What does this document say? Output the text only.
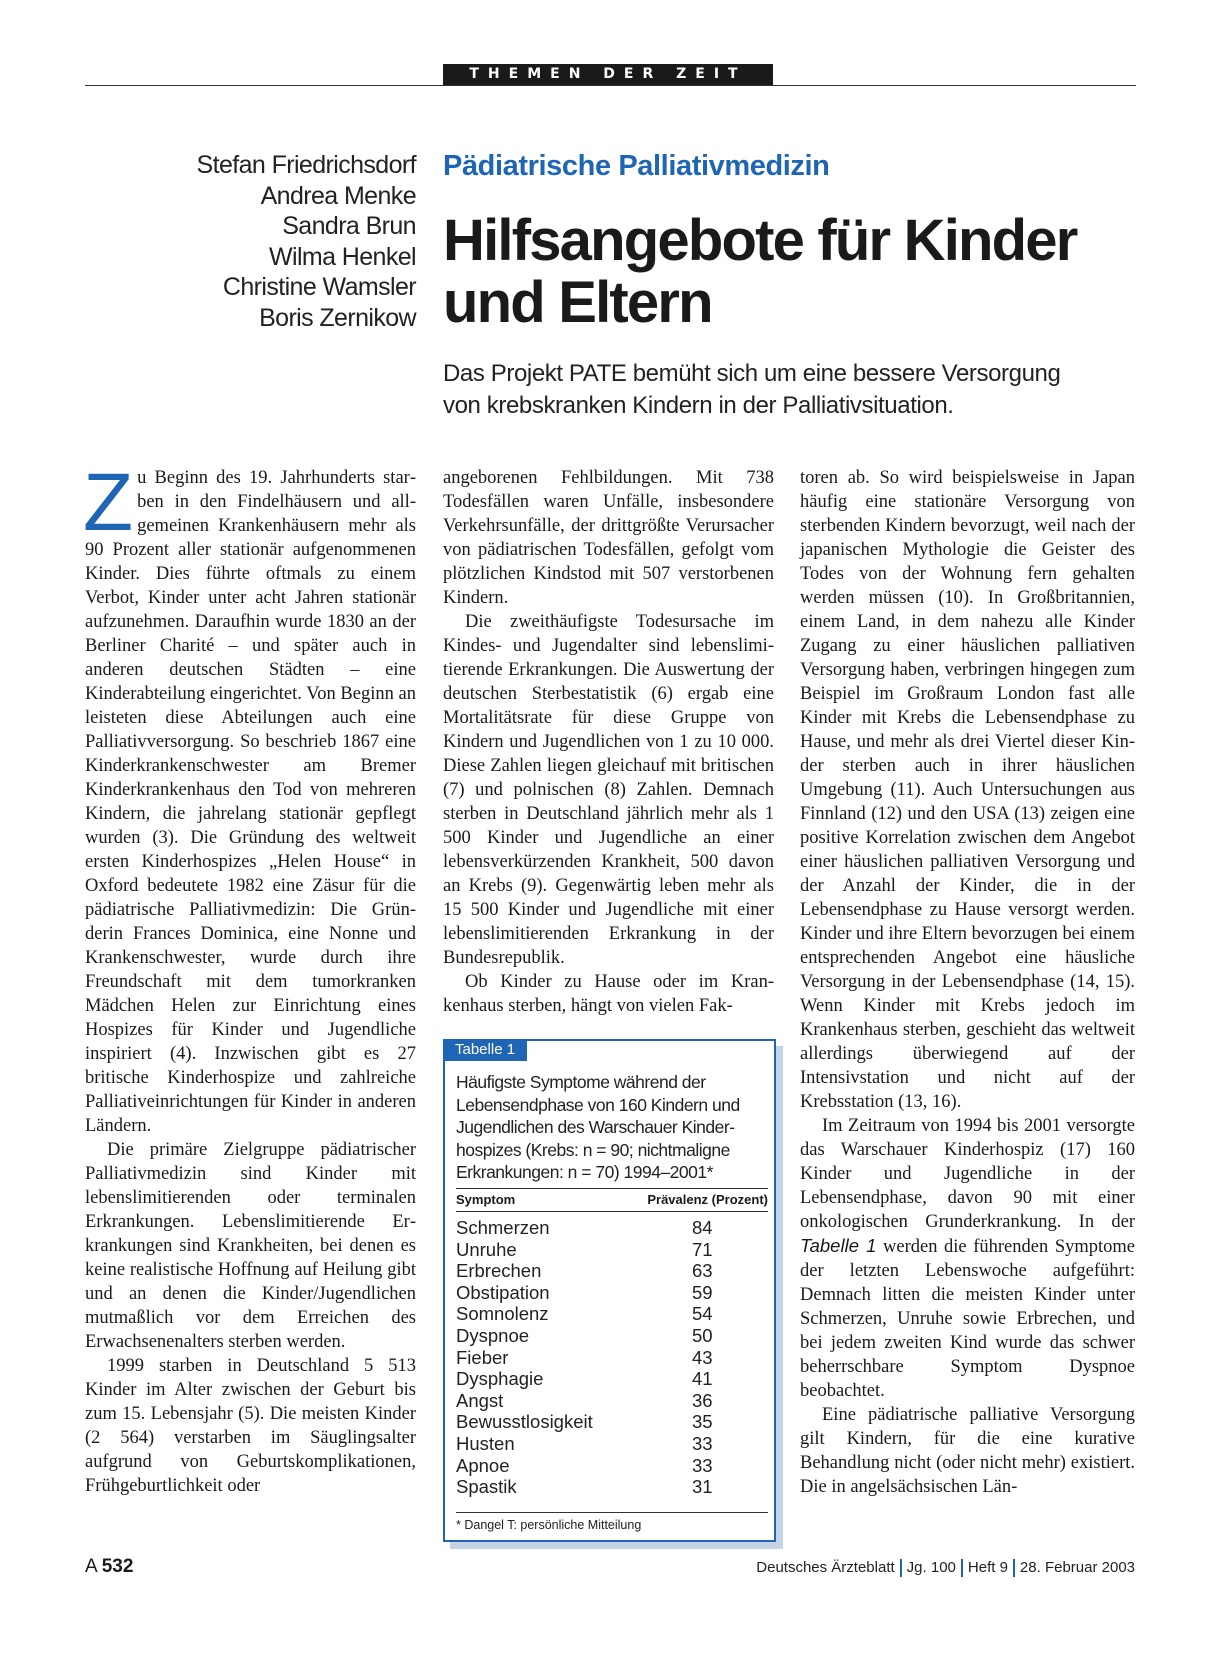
THEMEN DER ZEIT
Stefan Friedrichsdorf
Andrea Menke
Sandra Brun
Wilma Henkel
Christine Wamsler
Boris Zernikow
Pädiatrische Palliativmedizin
Hilfsangebote für Kinder
und Eltern
Das Projekt PATE bemüht sich um eine bessere Versorgung
von krebskranken Kindern in der Palliativsituation.

Zu Beginn des 19. Jahrhunderts starben in den Findelhäusern und allgemeinen Krankenhäusern mehr als 90 Prozent aller stationär aufgenommenen Kinder. Dies führte oftmals zu einem Verbot, Kinder unter acht Jahren stationär aufzunehmen. Daraufhin wurde 1830 an der Berliner Charité – und später auch in anderen deutschen Städten – eine Kinderabteilung eingerichtet. Von Beginn an leisteten diese Abteilungen auch eine Palliativversorgung. So beschrieb 1867 eine Kinderkrankenschwester am Bremer Kinderkrankenhaus den Tod von mehreren Kindern, die jahrelang stationär gepflegt wurden (3). Die Gründung des weltweit ersten Kinderhospizes „Helen House“ in Oxford bedeutete 1982 eine Zäsur für die pädiatrische Palliativmedizin: Die Gründerin Frances Dominica, eine Nonne und Krankenschwester, wurde durch ihre Freundschaft mit dem tumorkranken Mädchen Helen zur Einrichtung eines Hospizes für Kinder und Jugendliche inspiriert (4). Inzwischen gibt es 27 britische Kinderhospize und zahlreiche Palliativeinrichtungen für Kinder in anderen Ländern.

Die primäre Zielgruppe pädiatrischer Palliativmedizin sind Kinder mit lebenslimitierenden oder terminalen Erkrankungen. Lebenslimitierende Erkrankungen sind Krankheiten, bei denen es keine realistische Hoffnung auf Heilung gibt und an denen die Kinder/Jugendlichen mutmaßlich vor dem Erreichen des Erwachsenenalters sterben werden.

1999 starben in Deutschland 5 513 Kinder im Alter zwischen der Geburt bis zum 15. Lebensjahr (5). Die meisten Kinder (2 564) verstarben im Säuglingsalter aufgrund von Geburtskomplikationen, Frühgeburtlichkeit oder

angeborenen Fehlbildungen. Mit 738 Todesfällen waren Unfälle, insbesondere Verkehrsunfälle, der drittgrößte Verursacher von pädiatrischen Todesfällen, gefolgt vom plötzlichen Kindstod mit 507 verstorbenen Kindern.

Die zweithäufigste Todesursache im Kindes- und Jugendalter sind lebenslimitierende Erkrankungen. Die Auswertung der deutschen Sterbestatistik (6) ergab eine Mortalitätsrate für diese Gruppe von Kindern und Jugendlichen von 1 zu 10 000. Diese Zahlen liegen gleichauf mit britischen (7) und polnischen (8) Zahlen. Demnach sterben in Deutschland jährlich mehr als 1 500 Kinder und Jugendliche an einer lebensverkürzenden Krankheit, 500 davon an Krebs (9). Gegenwärtig leben mehr als 15 500 Kinder und Jugendliche mit einer lebenslimitierenden Erkrankung in der Bundesrepublik.

Ob Kinder zu Hause oder im Krankenhaus sterben, hängt von vielen Fak-

toren ab. So wird beispielsweise in Japan häufig eine stationäre Versorgung von sterbenden Kindern bevorzugt, weil nach der japanischen Mythologie die Geister des Todes von der Wohnung fern gehalten werden müssen (10). In Großbritannien, einem Land, in dem nahezu alle Kinder Zugang zu einer häuslichen palliativen Versorgung haben, verbringen hingegen zum Beispiel im Großraum London fast alle Kinder mit Krebs die Lebensendphase zu Hause, und mehr als drei Viertel dieser Kinder sterben auch in ihrer häuslichen Umgebung (11). Auch Untersuchungen aus Finnland (12) und den USA (13) zeigen eine positive Korrelation zwischen dem Angebot einer häuslichen palliativen Versorgung und der Anzahl der Kinder, die in der Lebensendphase zu Hause versorgt werden. Kinder und ihre Eltern bevorzugen bei einem entsprechenden Angebot eine häusliche Versorgung in der Lebensendphase (14, 15). Wenn Kinder mit Krebs jedoch im Krankenhaus sterben, geschieht das weltweit allerdings überwiegend auf der Intensivstation und nicht auf der Krebsstation (13, 16).

Im Zeitraum von 1994 bis 2001 versorgte das Warschauer Kinderhospiz (17) 160 Kinder und Jugendliche in der Lebensendphase, davon 90 mit einer onkologischen Grunderkrankung. In der Tabelle 1 werden die führenden Symptome der letzten Lebenswoche aufgeführt: Demnach litten die meisten Kinder unter Schmerzen, Unruhe sowie Erbrechen, und bei jedem zweiten Kind wurde das schwer beherrschbare Symptom Dyspnoe beobachtet.

Eine pädiatrische palliative Versorgung gilt Kindern, für die eine kurative Behandlung nicht (oder nicht mehr) existiert. Die in angelsächsischen Län-

Tabelle 1
Häufigste Symptome während der
Lebensendphase von 160 Kindern und
Jugendlichen des Warschauer Kinder-
hospizes (Krebs: n = 90; nichtmaligne
Erkrankungen: n = 70) 1994–2001*
Symptom	Prävalenz (Prozent)
Schmerzen	84
Unruhe	71
Erbrechen	63
Obstipation	59
Somnolenz	54
Dyspnoe	50
Fieber	43
Dysphagie	41
Angst	36
Bewusstlosigkeit	35
Husten	33
Apnoe	33
Spastik	31
* Dangel T: persönliche Mitteilung
A 532	Deutsches Ärzteblatt Jg. 100 Heft 9 28. Februar 2003
